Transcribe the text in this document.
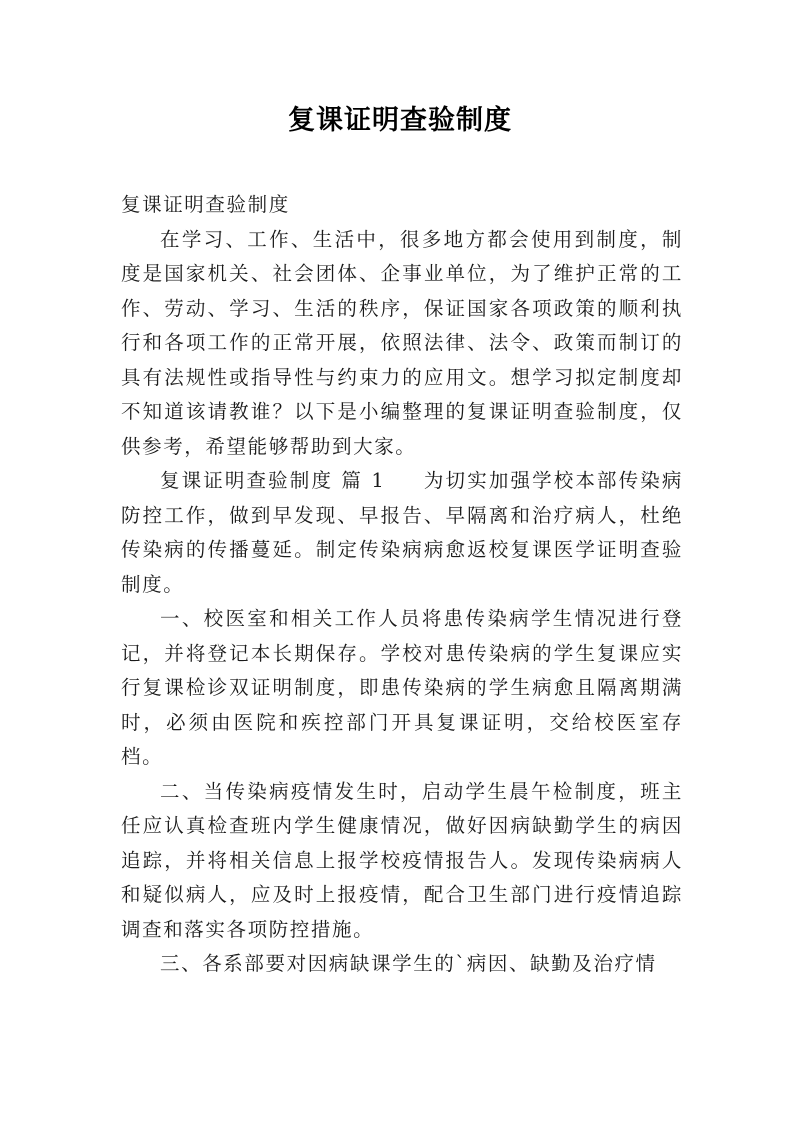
复课证明查验制度

复课证明查验制度

在学习、工作、生活中，很多地方都会使用到制度，制度是国家机关、社会团体、企事业单位，为了维护正常的工作、劳动、学习、生活的秩序，保证国家各项政策的顺利执行和各项工作的正常开展，依照法律、法令、政策而制订的具有法规性或指导性与约束力的应用文。想学习拟定制度却不知道该请教谁？以下是小编整理的复课证明查验制度，仅供参考，希望能够帮助到大家。

复课证明查验制度 篇 1 为切实加强学校本部传染病防控工作，做到早发现、早报告、早隔离和治疗病人，杜绝传染病的传播蔓延。制定传染病病愈返校复课医学证明查验制度。

一、校医室和相关工作人员将患传染病学生情况进行登记，并将登记本长期保存。学校对患传染病的学生复课应实行复课检诊双证明制度，即患传染病的学生病愈且隔离期满时，必须由医院和疾控部门开具复课证明，交给校医室存档。

二、当传染病疫情发生时，启动学生晨午检制度，班主任应认真检查班内学生健康情况，做好因病缺勤学生的病因追踪，并将相关信息上报学校疫情报告人。发现传染病病人和疑似病人，应及时上报疫情，配合卫生部门进行疫情追踪调查和落实各项防控措施。

三、各系部要对因病缺课学生的`病因、缺勤及治疗情
